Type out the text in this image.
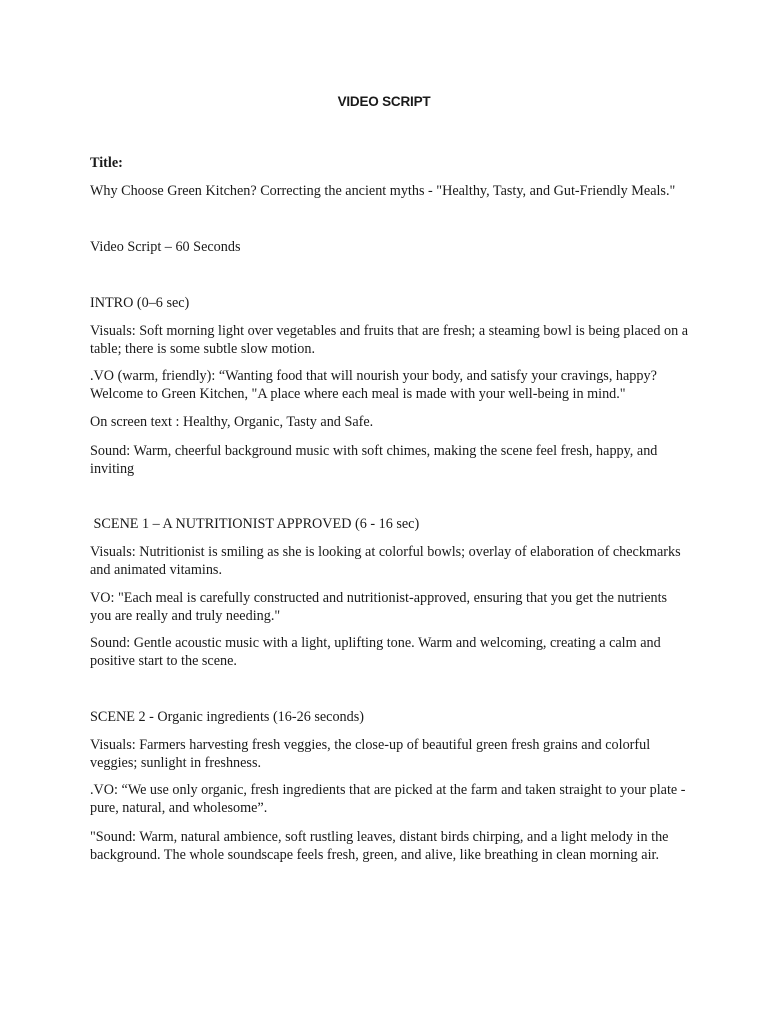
VIDEO SCRIPT

Title:

Why Choose Green Kitchen? Correcting the ancient myths - "Healthy, Tasty, and Gut-Friendly Meals."

Video Script – 60 Seconds

INTRO (0–6 sec)

Visuals: Soft morning light over vegetables and fruits that are fresh; a steaming bowl is being placed on a table; there is some subtle slow motion.

.VO (warm, friendly): “Wanting food that will nourish your body, and satisfy your cravings, happy? Welcome to Green Kitchen, "A place where each meal is made with your well-being in mind."

On screen text : Healthy, Organic, Tasty and Safe.

Sound: Warm, cheerful background music with soft chimes, making the scene feel fresh, happy, and inviting

SCENE 1 – A NUTRITIONIST APPROVED (6 - 16 sec)

Visuals: Nutritionist is smiling as she is looking at colorful bowls; overlay of elaboration of checkmarks and animated vitamins.

VO: "Each meal is carefully constructed and nutritionist-approved, ensuring that you get the nutrients you are really and truly needing."

Sound: Gentle acoustic music with a light, uplifting tone. Warm and welcoming, creating a calm and positive start to the scene.

SCENE 2 - Organic ingredients (16-26 seconds)

Visuals: Farmers harvesting fresh veggies, the close-up of beautiful green fresh grains and colorful veggies; sunlight in freshness.

.VO: “We use only organic, fresh ingredients that are picked at the farm and taken straight to your plate - pure, natural, and wholesome”.

"Sound: Warm, natural ambience, soft rustling leaves, distant birds chirping, and a light melody in the background. The whole soundscape feels fresh, green, and alive, like breathing in clean morning air.
